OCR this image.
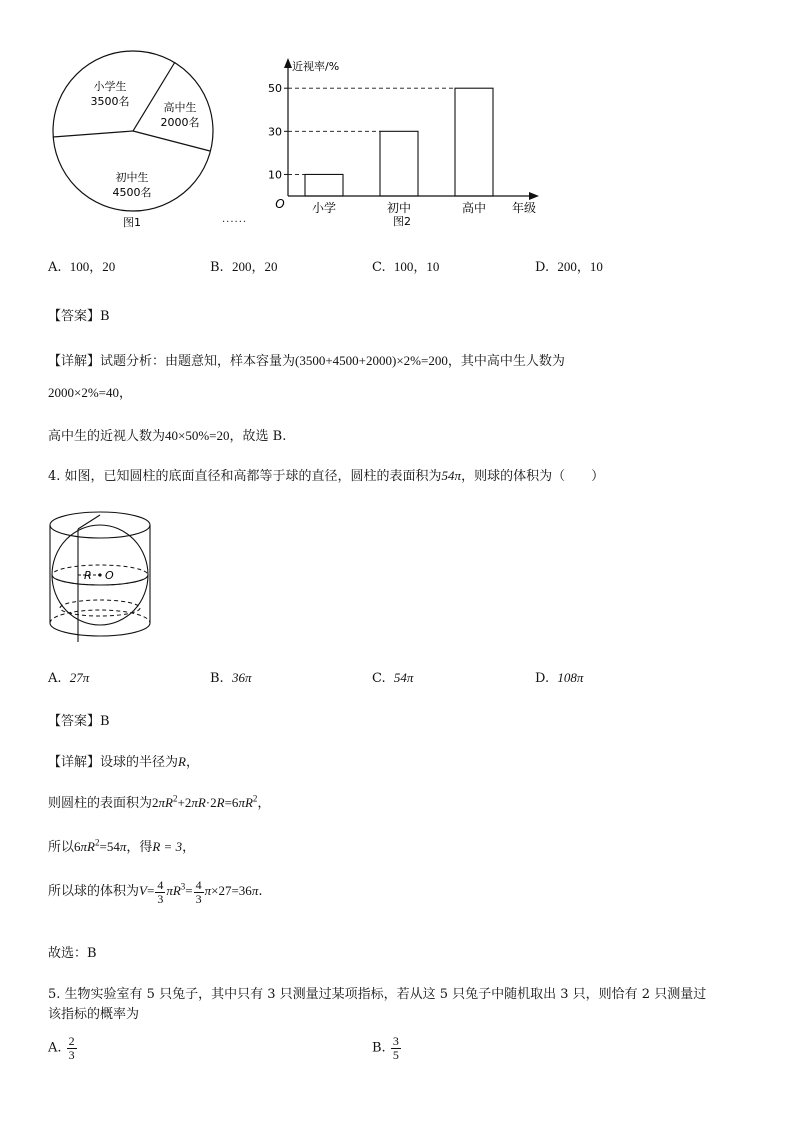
小学生
3500名	高中生
2000名
初中生
4500名
图1	......
小学	初中	高中
10
30
50
近视率/%
年级
O
图2
A. 100，20	B. 200，20	C. 100，10	D. 200，10
【答案】B
【详解】试题分析：由题意知，样本容量为(3500+4500+2000)×2%=200，其中高中生人数为
2000×2%=40，
高中生的近视人数为40×50%=20，故选 B.
4. 如图，已知圆柱的底面直径和高都等于球的直径，圆柱的表面积为54π，则球的体积为（　　）
R O
A. 27π	B. 36π	C. 54π	D. 108π
【答案】B
【详解】设球的半径为R，
则圆柱的表面积为$2\pi R^2+2\pi R\cdot 2R=6\pi R^2$，
所以$6\pi R^2=54\pi$，得R = 3，
所以球的体积为$V= \frac{4}{3} \pi R^3= \frac{4}{3} \pi\times 27=36\pi$.
故选：B
5. 生物实验室有 5 只兔子，其中只有 3 只测量过某项指标，若从这 5 只兔子中随机取出 3 只，则恰有 2 只测量过
该指标的概率为
A. $\frac{2}{3}$	B. $\frac{3}{5}$
